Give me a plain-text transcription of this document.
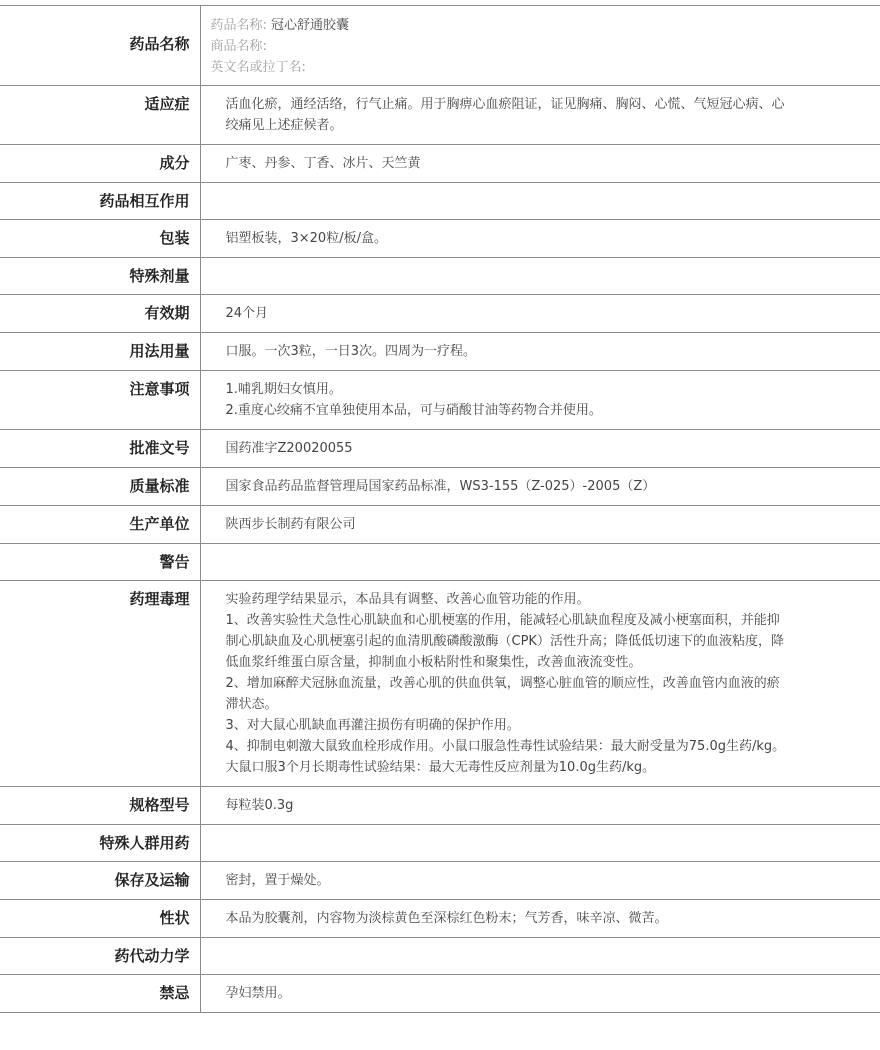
药品名称	药品名称: 冠心舒通胶囊
商品名称:
英文名或拉丁名:

适应症	活血化瘀，通经活络，行气止痛。用于胸痹心血瘀阻证，证见胸痛、胸闷、心慌、气短冠心病、心绞痛见上述症候者。
成分	广枣、丹参、丁香、冰片、天竺黄
药品相互作用	
包装	铝塑板装，3×20粒/板/盒。
特殊剂量	
有效期	24个月
用法用量	口服。一次3粒，一日3次。四周为一疗程。
注意事项	1.哺乳期妇女慎用。
2.重度心绞痛不宜单独使用本品，可与硝酸甘油等药物合并使用。

批准文号	国药准字Z20020055
质量标准	国家食品药品监督管理局国家药品标准，WS3-155（Z-025）-2005（Z）
生产单位	陕西步长制药有限公司
警告	
药理毒理	实验药理学结果显示，本品具有调整、改善心血管功能的作用。
1、改善实验性犬急性心肌缺血和心肌梗塞的作用，能减轻心肌缺血程度及减小梗塞面积，并能抑制心肌缺血及心肌梗塞引起的血清肌酸磷酸激酶（CPK）活性升高；降低低切速下的血液粘度，降低血浆纤维蛋白原含量，抑制血小板粘附性和聚集性，改善血液流变性。
2、增加麻醉犬冠脉血流量，改善心肌的供血供氧，调整心脏血管的顺应性，改善血管内血液的瘀滞状态。
3、对大鼠心肌缺血再灌注损伤有明确的保护作用。
4、抑制电刺激大鼠致血栓形成作用。小鼠口服急性毒性试验结果：最大耐受量为75.0g生药/kg。大鼠口服3个月长期毒性试验结果：最大无毒性反应剂量为10.0g生药/kg。

规格型号	每粒装0.3g
特殊人群用药	
保存及运输	密封，置于燥处。
性状	本品为胶囊剂，内容物为淡棕黄色至深棕红色粉末；气芳香，味辛凉、微苦。
药代动力学	
禁忌	孕妇禁用。
